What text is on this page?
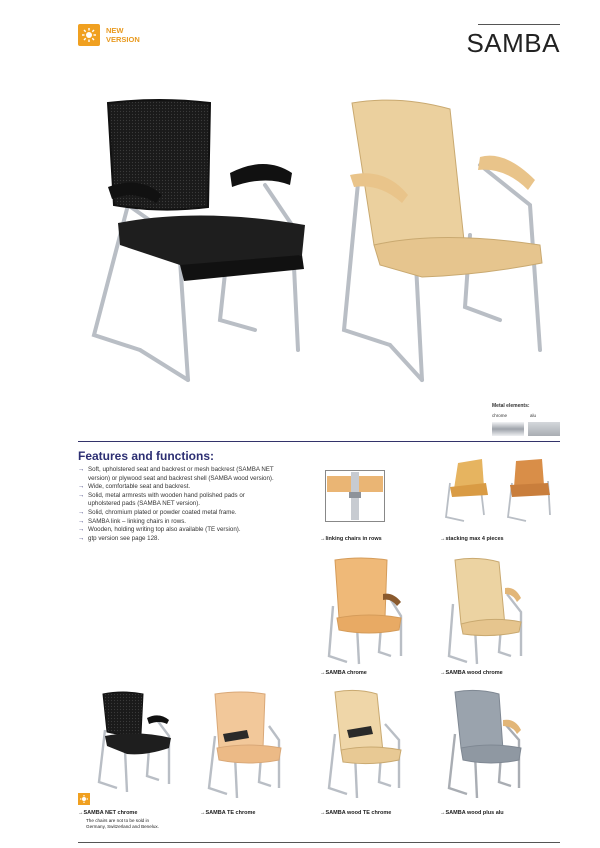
NEW
VERSION	SAMBA
Metal elements:
chrome	alu
Features and functions:
→ Soft, upholstered seat and backrest or mesh backrest (SAMBA NET version) or plywood seat and backrest shell (SAMBA wood version).
→ Wide, comfortable seat and backrest.
→ Solid, metal armrests with wooden hand polished pads or upholstered pads (SAMBA NET version).
→ Solid, chromium plated or powder coated metal frame.
→ SAMBA link – linking chairs in rows.
→ Wooden, holding writing top also available (TE version).
→ gtp version see page 128.	→ linking chairs in rows	→ stacking max 4 pieces
→ SAMBA chrome	→ SAMBA wood chrome
→ SAMBA NET chrome
The chairs are not to be sold in
Germany, Switzerland and Benelux.
→ SAMBA TE chrome	→ SAMBA wood TE chrome	→ SAMBA wood plus alu
